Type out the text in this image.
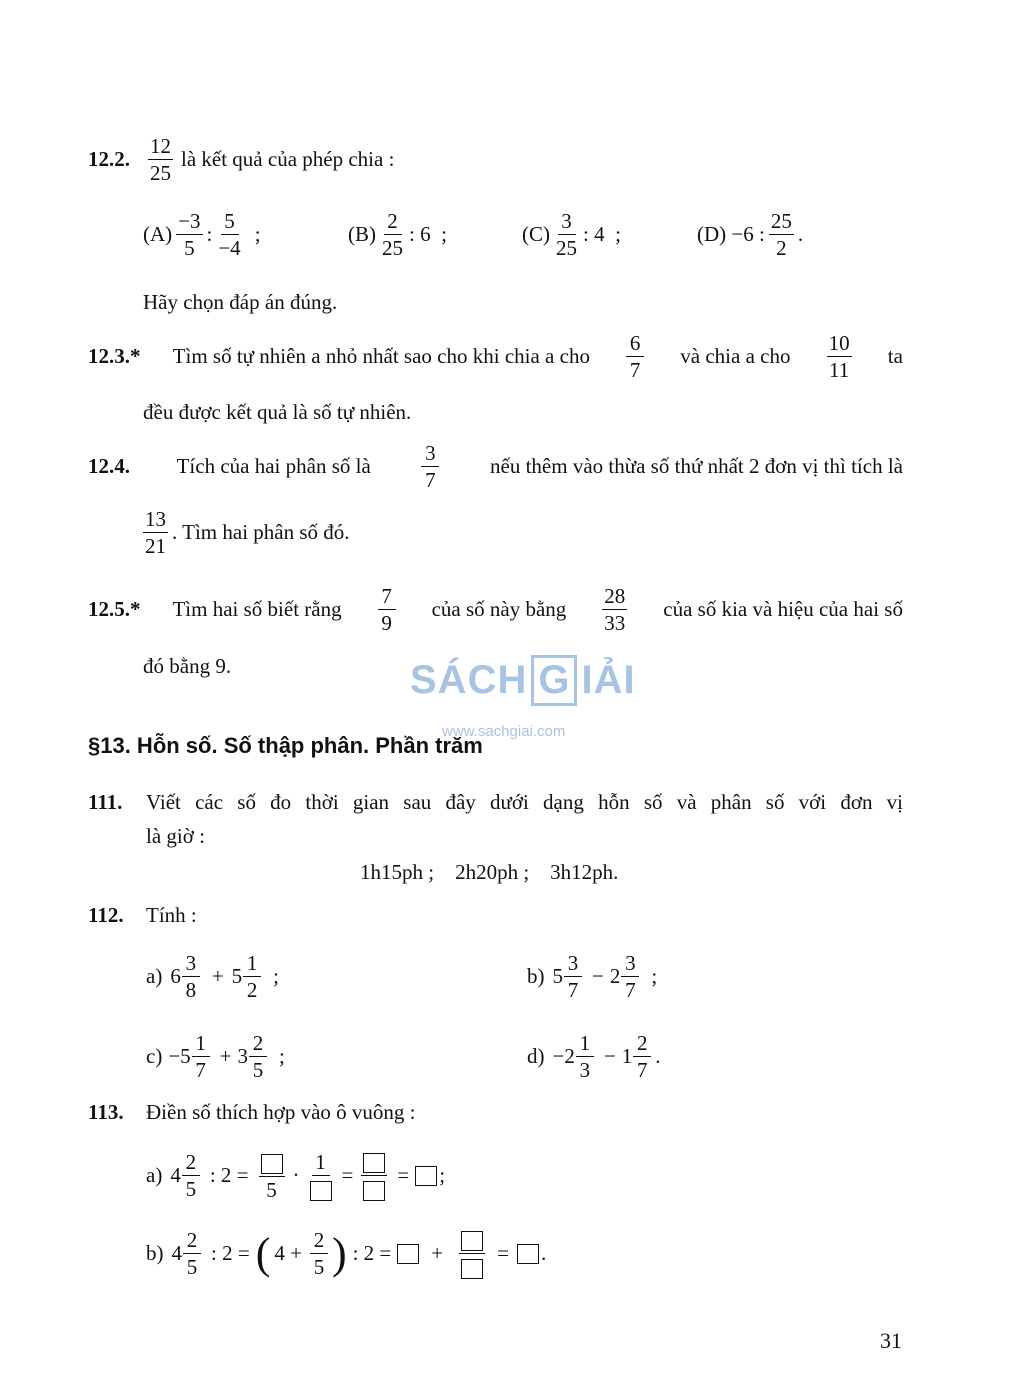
12.2. $\frac{12}{25}$ là kết quả của phép chia :
$(A) \frac{-3}{5}$ : $\frac{5}{-4}$ ;	$(B) \frac{2}{25}$ : 6  ;	$(C) \frac{3}{25}$ : 4  ;	(D) −6 : $\frac{25}{2}$ .
Hãy chọn đáp án đúng.
12.3.* Tìm số tự nhiên a nhỏ nhất sao cho khi chia a cho $\frac{6}{7}$ và chia a cho $\frac{10}{11}$ ta
đều được kết quả là số tự nhiên.
12.4. Tích của hai phân số là $\frac{3}{7}$ nếu thêm vào thừa số thứ nhất 2 đơn vị thì tích là
$\frac{13}{21}$ . Tìm hai phân số đó.
12.5.* Tìm hai số biết rằng $\frac{7}{9}$ của số này bằng $\frac{28}{33}$ của số kia và hiệu của hai số
đó bằng 9.	SÁCH G IẢI
www.sachgiai.com
§13. Hỗn số. Số thập phân. Phần trăm
111.	Viết các số đo thời gian sau đây dưới dạng hỗn số và phân số với đơn vị
là giờ :
1h15ph ;    2h20ph ;    3h12ph.
112.	Tính :
a) $6 \frac{3}{8} + 5 \frac{1}{2}$ ;	b) $5 \frac{3}{7} - 2 \frac{3}{7}$ ;
$c) -5 \frac{1}{7} + 3 \frac{2}{5}$ ;	$d) -2 \frac{1}{3} - 1 \frac{2}{7}$ .
113.	Điền số thích hợp vào ô vuông :
a) $4 \frac{2}{5}$ : 2 =
5
·
1
= = ;
b) $4 \frac{2}{5}$ : 2 = ( $4 + \frac{2}{5}$ ) : 2 = +	= .
31
